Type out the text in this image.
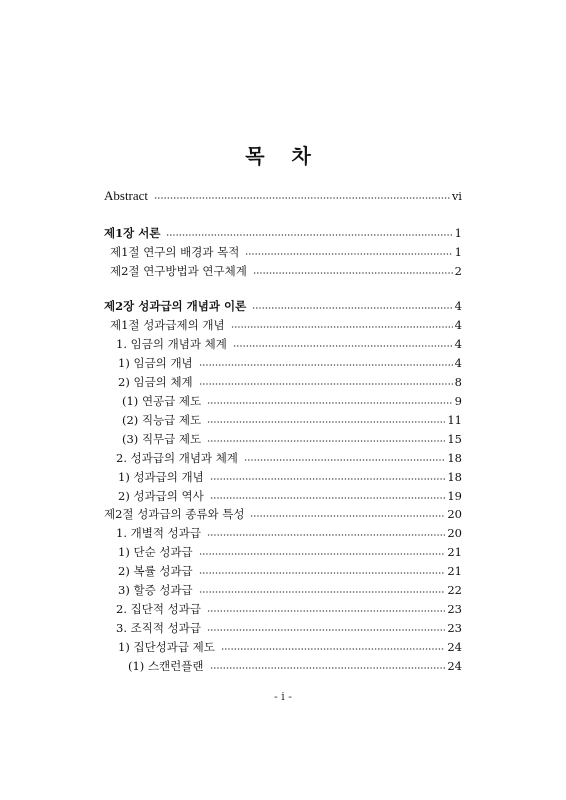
목 차
Abstract	vi
제1장 서론	1
제1절 연구의 배경과 목적	1
제2절 연구방법과 연구체계	2
제2장 성과급의 개념과 이론	4
제1절 성과급제의 개념	4
1. 임금의 개념과 체계	4
1) 임금의 개념	4
2) 임금의 체계	8
(1) 연공급 제도	9
(2) 직능급 제도	11
(3) 직무급 제도	15
2. 성과급의 개념과 체계	18
1) 성과급의 개념	18
2) 성과급의 역사	19
제2절 성과급의 종류와 특성	20
1. 개별적 성과급	20
1) 단순 성과급	21
2) 복률 성과급	21
3) 할증 성과급	22
2. 집단적 성과급	23
3. 조직적 성과급	23
1) 집단성과급 제도	24
(1) 스캔런플랜	24
- i -
